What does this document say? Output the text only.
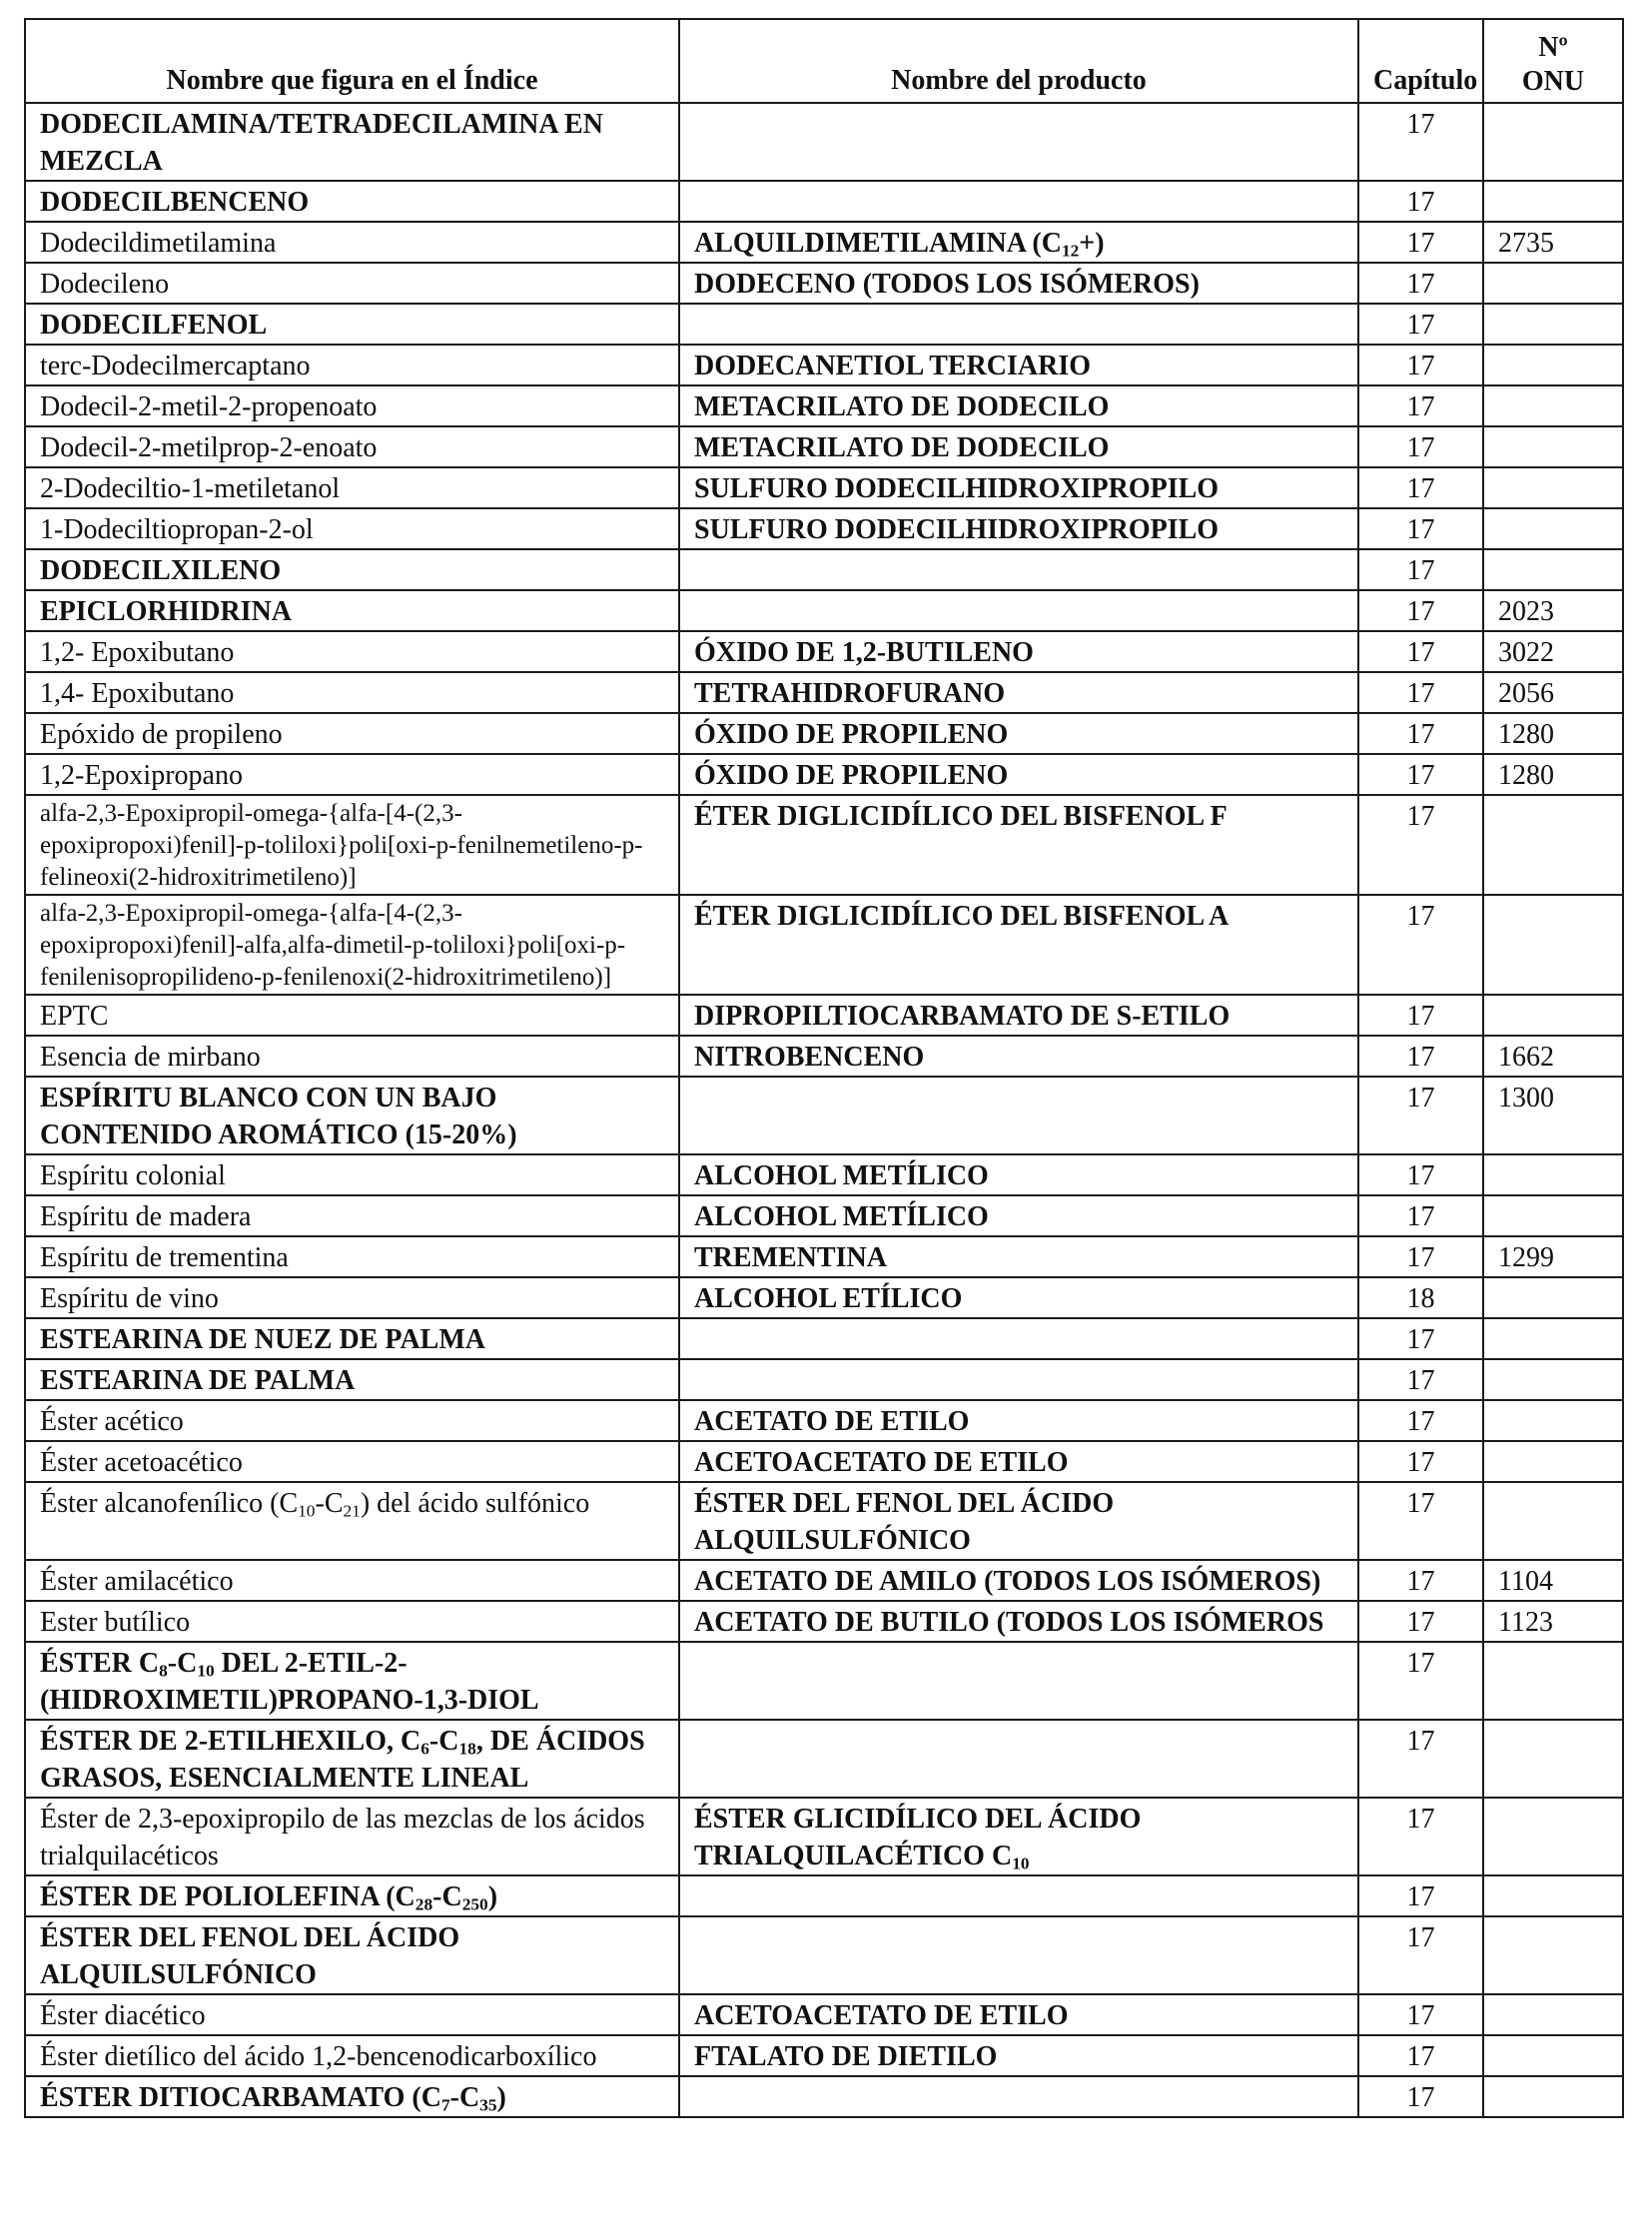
Nombre que figura en el Índice	Nombre del producto	Capítulo	Nº
ONU
DODECILAMINA/TETRADECILAMINA EN MEZCLA		17	
DODECILBENCENO		17	
Dodecildimetilamina	ALQUILDIMETILAMINA $(C_{12}+)$	17	2735
Dodecileno	DODECENO (TODOS LOS ISÓMEROS)	17	
DODECILFENOL		17	
terc-Dodecilmercaptano	DODECANETIOL TERCIARIO	17	
Dodecil-2-metil-2-propenoato	METACRILATO DE DODECILO	17	
Dodecil-2-metilprop-2-enoato	METACRILATO DE DODECILO	17	
2-Dodeciltio-1-metiletanol	SULFURO DODECILHIDROXIPROPILO	17	
1-Dodeciltiopropan-2-ol	SULFURO DODECILHIDROXIPROPILO	17	
DODECILXILENO		17	
EPICLORHIDRINA		17	2023
1,2- Epoxibutano	ÓXIDO DE 1,2-BUTILENO	17	3022
1,4- Epoxibutano	TETRAHIDROFURANO	17	2056
Epóxido de propileno	ÓXIDO DE PROPILENO	17	1280
1,2-Epoxipropano	ÓXIDO DE PROPILENO	17	1280
alfa-2,3-Epoxipropil-omega-{alfa-[4-(2,3-epoxipropoxi)fenil]-p-toliloxi}poli[oxi-p-fenilnemetileno-p-felineoxi(2-hidroxitrimetileno)]	ÉTER DIGLICIDÍLICO DEL BISFENOL F	17	
alfa-2,3-Epoxipropil-omega-{alfa-[4-(2,3-epoxipropoxi)fenil]-alfa,alfa-dimetil-p-toliloxi}poli[oxi-p-fenilenisopropilideno-p-fenilenoxi(2-hidroxitrimetileno)]	ÉTER DIGLICIDÍLICO DEL BISFENOL A	17	
EPTC	DIPROPILTIOCARBAMATO DE S-ETILO	17	
Esencia de mirbano	NITROBENCENO	17	1662
ESPÍRITU BLANCO CON UN BAJO CONTENIDO AROMÁTICO (15-20%)		17	1300
Espíritu colonial	ALCOHOL METÍLICO	17	
Espíritu de madera	ALCOHOL METÍLICO	17	
Espíritu de trementina	TREMENTINA	17	1299
Espíritu de vino	ALCOHOL ETÍLICO	18	
ESTEARINA DE NUEZ DE PALMA		17	
ESTEARINA DE PALMA		17	
Éster acético	ACETATO DE ETILO	17	
Éster acetoacético	ACETOACETATO DE ETILO	17	
Éster alcanofenílico $(C_{10}-C_{21})$ del ácido sulfónico	ÉSTER DEL FENOL DEL ÁCIDO ALQUILSULFÓNICO	17	
Éster amilacético	ACETATO DE AMILO (TODOS LOS ISÓMEROS)	17	1104
Ester butílico	ACETATO DE BUTILO (TODOS LOS ISÓMEROS	17	1123
ÉSTER $C_8-C_{10}$ DEL 2-ETIL-2-(HIDROXIMETIL)PROPANO-1,3-DIOL		17	
ÉSTER DE 2-ETILHEXILO, $C_6-C_{18}$, DE ÁCIDOS GRASOS, ESENCIALMENTE LINEAL		17	
Éster de 2,3-epoxipropilo de las mezclas de los ácidos trialquilacéticos	ÉSTER GLICIDÍLICO DEL ÁCIDO TRIALQUILACÉTICO $C_{10}$	17	
ÉSTER DE POLIOLEFINA $(C_{28}-C_{250})$		17	
ÉSTER DEL FENOL DEL ÁCIDO ALQUILSULFÓNICO		17	
Éster diacético	ACETOACETATO DE ETILO	17	
Éster dietílico del ácido 1,2-bencenodicarboxílico	FTALATO DE DIETILO	17	
ÉSTER DITIOCARBAMATO $(C_7-C_{35})$		17	
